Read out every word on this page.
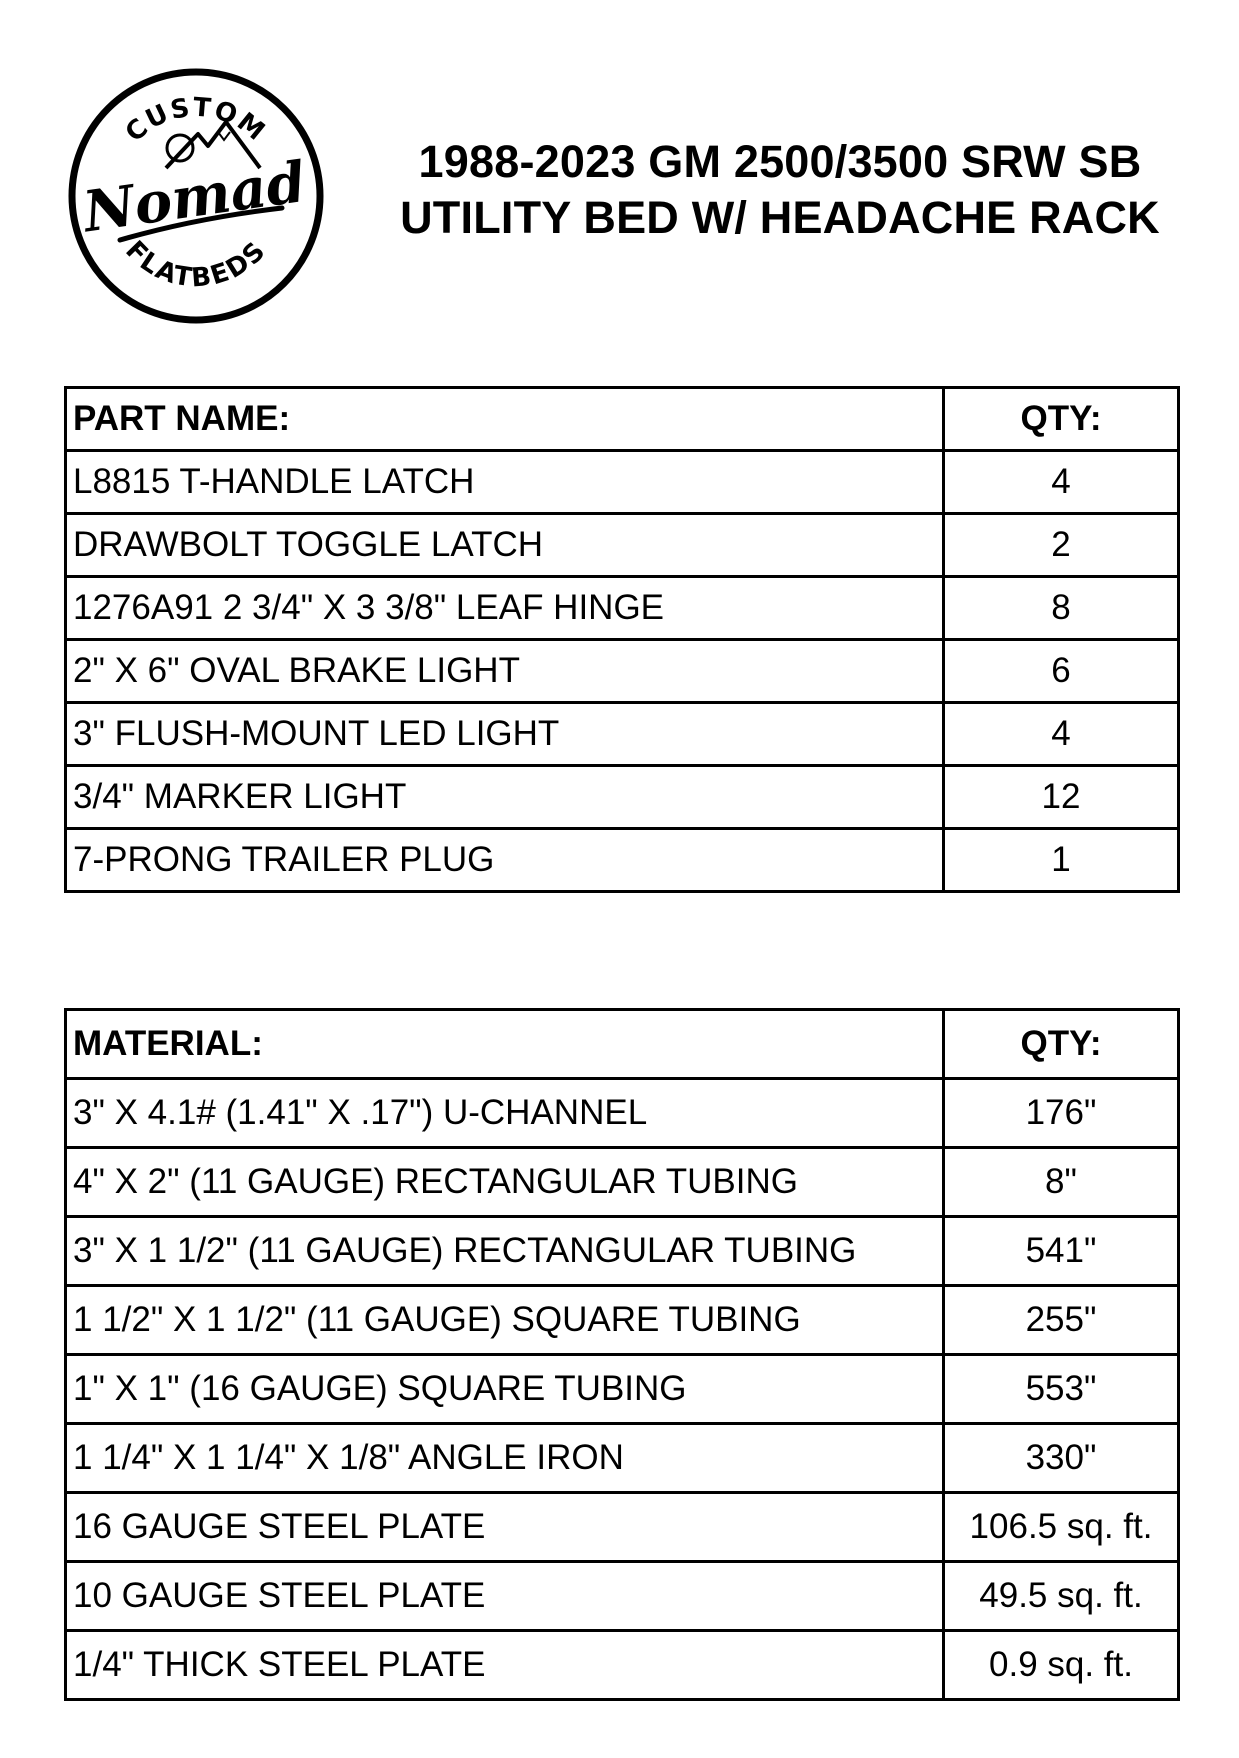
CUSTOM
FLATBEDS
Nomad	1988-2023 GM 2500/3500 SRW SB
UTILITY BED W/ HEADACHE RACK
PART NAME:	QTY:
L8815 T-HANDLE LATCH	4
DRAWBOLT TOGGLE LATCH	2
1276A91 2 3/4" X 3 3/8" LEAF HINGE	8
2" X 6" OVAL BRAKE LIGHT	6
3" FLUSH-MOUNT LED LIGHT	4
3/4" MARKER LIGHT	12
7-PRONG TRAILER PLUG	1
MATERIAL:	QTY:
3" X 4.1# (1.41" X .17") U-CHANNEL	176"
4" X 2" (11 GAUGE) RECTANGULAR TUBING	8"
3" X 1 1/2" (11 GAUGE) RECTANGULAR TUBING	541"
1 1/2" X 1 1/2" (11 GAUGE) SQUARE TUBING	255"
1" X 1" (16 GAUGE) SQUARE TUBING	553"
1 1/4" X 1 1/4" X 1/8" ANGLE IRON	330"
16 GAUGE STEEL PLATE	106.5 sq. ft.
10 GAUGE STEEL PLATE	49.5 sq. ft.
1/4" THICK STEEL PLATE	0.9 sq. ft.
